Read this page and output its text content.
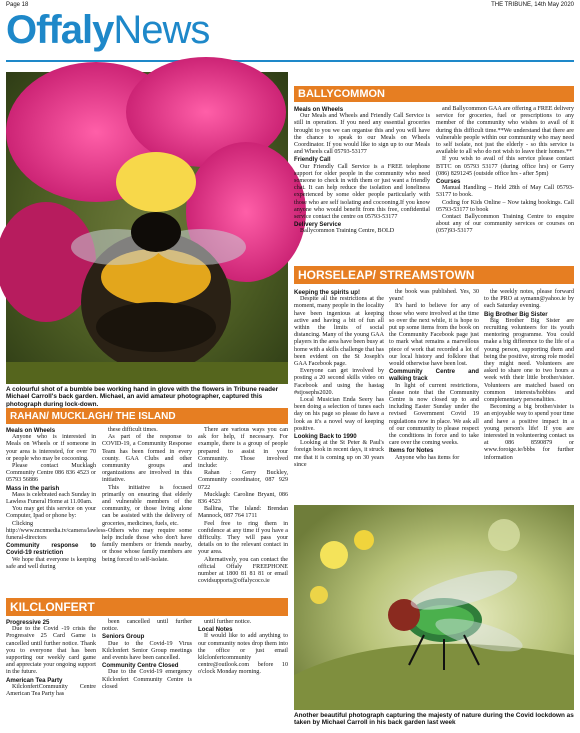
Page 18	THE TRIBUNE, 14th May 2020
OffalyNews
A colourful shot of a bumble bee working hand in glove with the flowers in Tribune reader Michael Carroll's back garden. Michael, an avid amateur photographer, captured this photograph during lock-down.
BALLYCOMMON
Meals on Wheels

Our Meals and Wheels and Friendly Call Service is still in operation. If you need any essential groceries brought to you we can organise this and you will have the chance to speak to our Meals on Wheels Coordinator. If you would like to sign up to our Meals and Wheels call 05793-53177

Friendly Call

Our Friendly Call Service is a FREE telephone support for older people in the community who need someone to check in with them or just want a friendly chat. It can help reduce the isolation and loneliness experienced by some older people particularly with those who are self isolating and cocooning.If you know anyone who would benefit from this free, confidential service contact the centre on 05793-53177

Delivery Service

Ballycommon Training Centre, BOLD

and Ballycommon GAA are offering a FREE delivery service for groceries, fuel or prescriptions to any member of the community who wishes to avail of it during this difficult time.**We understand that there are vulnerable people within our community who may need to self isolate, not just the elderly - so this service is available to all who do not wish to leave their homes.**

If you wish to avail of this service please contact BTTC on 05793 53177 (during office hrs) or Gerry (086) 8291245 (outside office hrs - after 5pm)

Courses

Manual Handling – Held 28th of May Call 05793-53177 to book.

Coding for Kids Online – Now taking bookings. Call 05793-53177 to book

Contact Ballycommon Training Centre to enquire about any of our community services or courses on (057)93-53177

HORSELEAP/ STREAMSTOWN
Keeping the spirits up!

Despite all the restrictions at the moment, many people in the locality have been ingenious at keeping active and having a bit of fun all within the limits of social distancing. Many of the young GAA players in the area have been busy at home with a skills challenge that has been evident on the St Joseph's GAA Facebook page.

Everyone can get involved by posting a 20 second skills video on Facebook and using the hastag #stjosephs2020.

Local Musician Enda Seery has been doing a selection of tunes each day on his page so please do have a look as it's a novel way of keeping positive.

Looking Back to 1990

Looking at the St Peter & Paul's foreign book in recent days, it struck me that it is coming up on 30 years since

the book was published. Yes, 30 years!

It's hard to believe for any of those who were involved at the time so over the next while, it is hope to put up some items from the book on the Community Facebook page just to mark what remains a marvellous piece of work that recorded a lot of our local history and folklore that would otherwise have been lost.

Community Centre and walking track

In light of current restrictions, please note that the Community Centre is now closed up to and including Easter Sunday under the revised Government Covid 19 regulations now in place. We ask all of our community to please respect the conditions in force and to take care over the coming weeks.

Items for Notes

Anyone who has items for

the weekly notes, please forward to the PRO at symann@yahoo.ie by each Saturday evening.

Big Brother Big Sister

Big Brother Big Sister are recruiting volunteers for its youth mentoring programme. You could make a big difference to the life of a young person, supporting them and being the positive, strong role model they might need. Volunteers are asked to share one to two hours a week with their little brother/sister. Volunteers are matched based on common interests/hobbies and complementary personalities.

Becoming a big brother/sister is an enjoyable way to spend your time and have a positive impact in a young person's life! If you are interested in volunteering contact us at 086 8590879 or www.foroige.ie/bbbs for further information

RAHAN/ MUCKLAGH/ THE ISLAND
Meals on Wheels

Anyone who is interested in Meals on Wheels or if someone in your area is interested, for over 70 or people who may be cocooning.

Please contact Mucklagh Community Centre 086 836 4523 or 05793 56886

Mass in the parish

Mass is celebrated each Sunday in Lawless Funeral Home at 11.00am.

You may get this service on your Computer, Ipad or phone by:

Clicking http://www.mcnmedia.tv/camera/lawless-funeral-directors

Community response to Covid-19 restriction

We hope that everyone is keeping safe and well during

these difficult times.

As part of the response to COVID-19, a Community Response Team has been formed in every county. GAA Clubs and other community groups and organizations are involved in this initiative.

This initiative is focused primarily on ensuring that elderly and vulnerable members of the community, or those living alone can be assisted with the delivery of groceries, medicines, fuels, etc.

Others who may require some help include those who don't have family members or friends nearby, or those whose family members are being forced to self-isolate.

There are various ways you can ask for help, if necessary. For example, there is a group of people prepared to assist in your Community. Those involved include:

Rahan : Gerry Buckley, Community coordinator, 087 929 0722

Mucklagh: Caroline Bryant, 086 836 4523

Ballina, The Island: Brendan Mannock, 087 764 1711

Feel free to ring them in confidence at any time if you have a difficulty. They will pass your details on to the relevant contact in your area.

Alternatively, you can contact the official Offaly FREEPHONE number at 1800 81 81 81 or email covidsupports@offalycoco.ie

KILCLONFERT
Progressive 25

Due to the Covid -19 crisis the Progressive 25 Card Game is cancelled until further notice. Thank you to everyone that has been supporting our weekly card game and appreciate your ongoing support in the future.

American Tea Party

KilclonfertCommunity Centre American Tea Party has

been cancelled until further notice.

Seniors Group

Due to the Covid-19 Virus Kilclonfert Senior Group meetings and events have been cancelled.

Community Centre Closed

Due to the Covid-19 emergency Kilclonfert Community Centre is closed

until further notice.

Local Notes

If would like to add anything to our community notes drop them into the office or just email kilclonfertcommunity centre@outlook.com before 10 o'clock Monday morning.

Another beautiful photograph capturing the majesty of nature during the Covid lockdown as taken by Michael Carroll in his back garden last week
